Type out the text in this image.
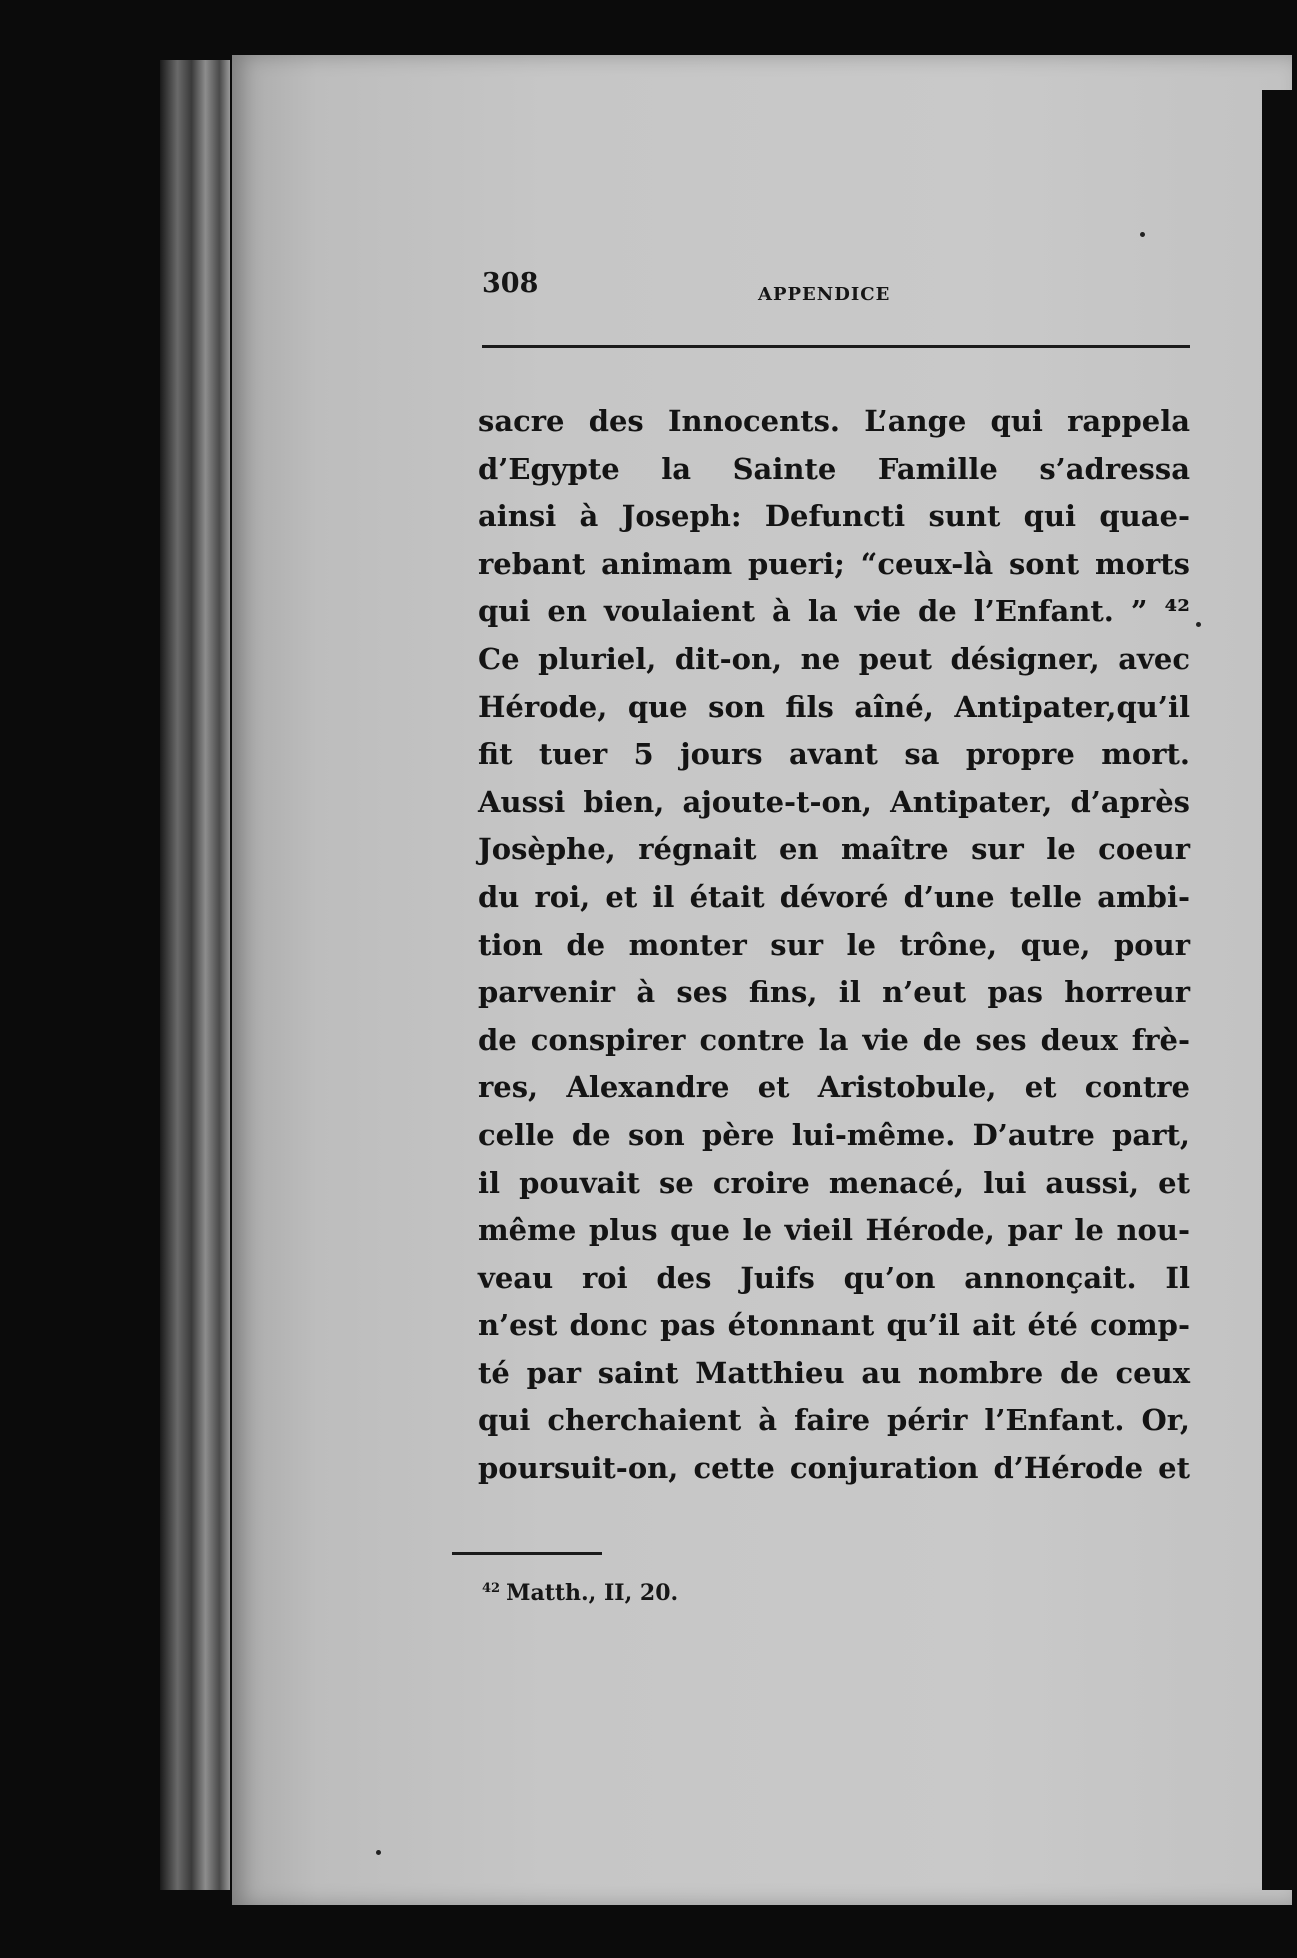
308	APPENDICE
sacre des Innocents. L’ange qui rappela
d’Egypte la Sainte Famille s’adressa
ainsi à Joseph: Defuncti sunt qui quae-
rebant animam pueri; “ceux-là sont morts
qui en voulaient à la vie de l’Enfant. ” ⁴²
Ce pluriel, dit-on, ne peut désigner, avec
Hérode, que son fils aîné, Antipater,qu’il
fit tuer 5 jours avant sa propre mort.
Aussi bien, ajoute-t-on, Antipater, d’après
Josèphe, régnait en maître sur le coeur
du roi, et il était dévoré d’une telle ambi-
tion de monter sur le trône, que, pour
parvenir à ses fins, il n’eut pas horreur
de conspirer contre la vie de ses deux frè-
res, Alexandre et Aristobule, et contre
celle de son père lui-même. D’autre part,
il pouvait se croire menacé, lui aussi, et
même plus que le vieil Hérode, par le nou-
veau roi des Juifs qu’on annonçait. Il
n’est donc pas étonnant qu’il ait été comp-
té par saint Matthieu au nombre de ceux
qui cherchaient à faire périr l’Enfant. Or,
poursuit-on, cette conjuration d’Hérode et
$^{42}$ Matth., II, 20.
